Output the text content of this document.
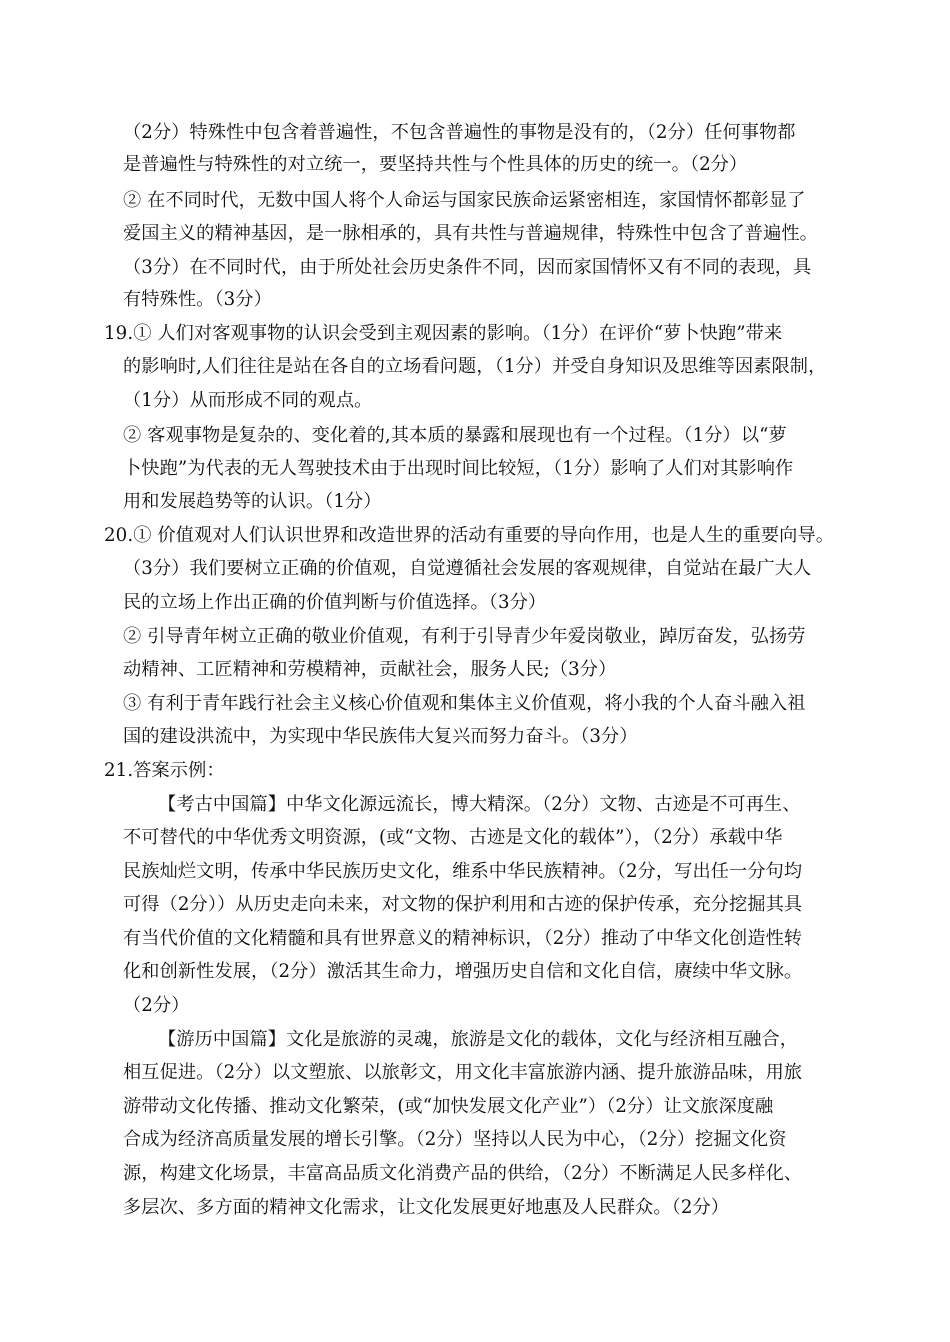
（2分）特殊性中包含着普遍性，不包含普遍性的事物是没有的，（2分）任何事物都
是普遍性与特殊性的对立统一，要坚持共性与个性具体的历史的统一。（2分）
② 在不同时代，无数中国人将个人命运与国家民族命运紧密相连，家国情怀都彰显了
爱国主义的精神基因，是一脉相承的，具有共性与普遍规律，特殊性中包含了普遍性。
（3分）在不同时代，由于所处社会历史条件不同，因而家国情怀又有不同的表现，具
有特殊性。（3分）
19.① 人们对客观事物的认识会受到主观因素的影响。（1分）在评价“萝卜快跑”带来
的影响时,人们往往是站在各自的立场看问题，（1分）并受自身知识及思维等因素限制，
（1分）从而形成不同的观点。
② 客观事物是复杂的、变化着的,其本质的暴露和展现也有一个过程。（1分）以“萝
卜快跑”为代表的无人驾驶技术由于出现时间比较短，（1分）影响了人们对其影响作
用和发展趋势等的认识。（1分）
20.① 价值观对人们认识世界和改造世界的活动有重要的导向作用，也是人生的重要向导。
（3分）我们要树立正确的价值观，自觉遵循社会发展的客观规律，自觉站在最广大人
民的立场上作出正确的价值判断与价值选择。（3分）
② 引导青年树立正确的敬业价值观，有利于引导青少年爱岗敬业，踔厉奋发，弘扬劳
动精神、工匠精神和劳模精神，贡献社会，服务人民;（3分）
③ 有利于青年践行社会主义核心价值观和集体主义价值观，将小我的个人奋斗融入祖
国的建设洪流中，为实现中华民族伟大复兴而努力奋斗。（3分）
21.答案示例：
【考古中国篇】中华文化源远流长，博大精深。（2分）文物、古迹是不可再生、
不可替代的中华优秀文明资源，(或“文物、古迹是文化的载体”），（2分）承载中华
民族灿烂文明，传承中华民族历史文化，维系中华民族精神。（2分，写出任一分句均
可得（2分））从历史走向未来，对文物的保护利用和古迹的保护传承，充分挖掘其具
有当代价值的文化精髓和具有世界意义的精神标识，（2分）推动了中华文化创造性转
化和创新性发展，（2分）激活其生命力，增强历史自信和文化自信，赓续中华文脉。
（2分）
【游历中国篇】文化是旅游的灵魂，旅游是文化的载体，文化与经济相互融合，
相互促进。（2分）以文塑旅、以旅彰文，用文化丰富旅游内涵、提升旅游品味，用旅
游带动文化传播、推动文化繁荣，(或“加快发展文化产业”）（2分）让文旅深度融
合成为经济高质量发展的增长引擎。（2分）坚持以人民为中心，（2分）挖掘文化资
源，构建文化场景，丰富高品质文化消费产品的供给，（2分）不断满足人民多样化、
多层次、多方面的精神文化需求，让文化发展更好地惠及人民群众。（2分）
